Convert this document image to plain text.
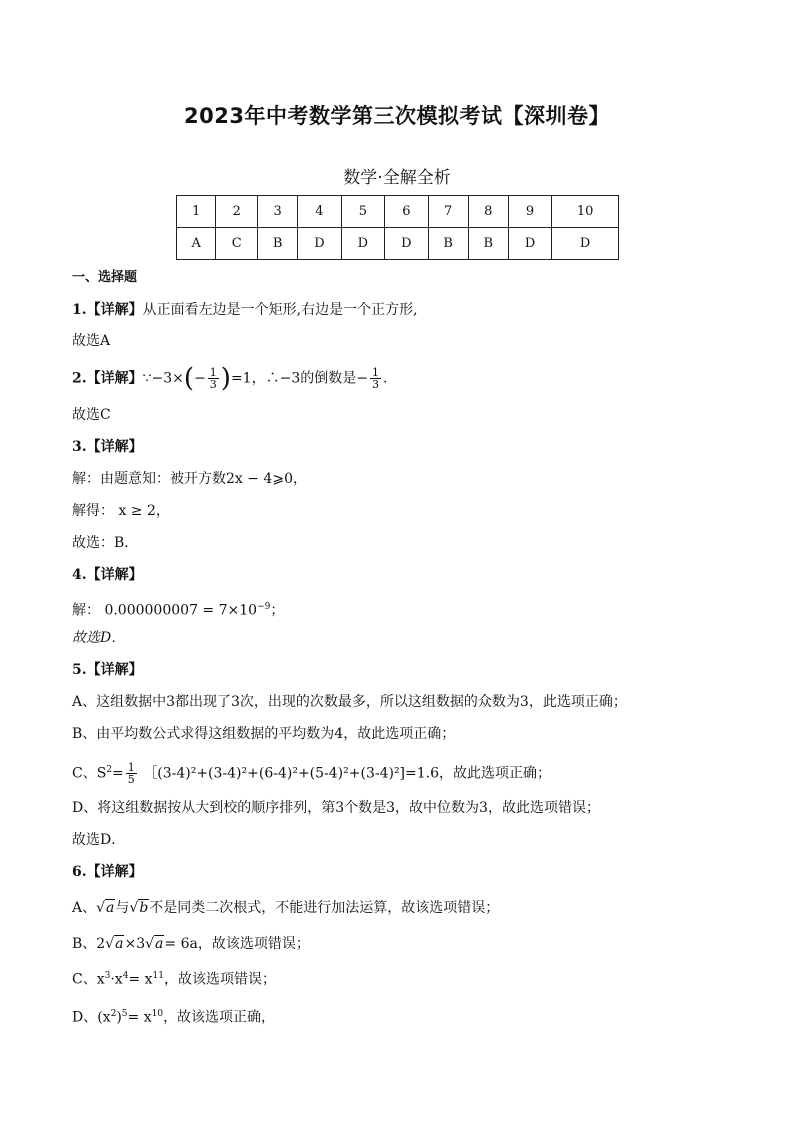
2023年中考数学第三次模拟考试【深圳卷】
数学·全解全析
1	2	3	4	5	6	7	8	9	10
A	C	B	D	D	D	B	B	D	D
一、选择题
1.【详解】从正面看左边是一个矩形,右边是一个正方形,
故选A
2.【详解】∵−3×(− $\frac{1}{3} )=1$，∴−3的倒数是− $\frac{1}{3}$ .
故选C
3.【详解】
解：由题意知：被开方数2x − 4⩾0，
解得： x ≥ 2，
故选：B．
4.【详解】
解： $0.000000007 = 7\times 10^{-9}$；
故选D．
5.【详解】
A、这组数据中3都出现了3次，出现的次数最多，所以这组数据的众数为3，此选项正确；
B、由平均数公式求得这组数据的平均数为4，故此选项正确；
C、$S^2= \frac{1}{5}$ ［(3-4)²+(3-4)²+(6-4)²+(5-4)²+(3-4)²]=1.6，故此选项正确；
D、将这组数据按从大到校的顺序排列，第3个数是3，故中位数为3，故此选项错误；
故选D．
6.【详解】
A、√a与√b不是同类二次根式，不能进行加法运算，故该选项错误；
B、2√a×3√a= 6a，故该选项错误；
C、$x^3\cdot x^4= x^{11}$，故该选项错误；
D、$(x^2)^5= x^{10}$，故该选项正确，
